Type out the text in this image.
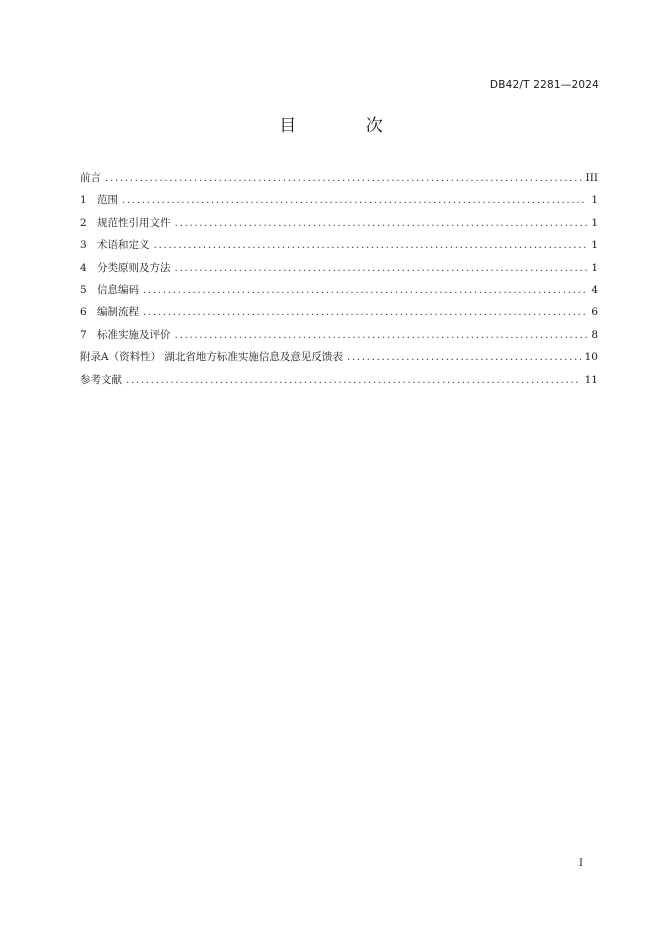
DB42/T 2281—2024
目 次
前言 .....	III
1 范围 .....	1
2 规范性引用文件 .....	1
3 术语和定义 .....	1
4 分类原则及方法 .....	1
5 信息编码 .....	4
6 编制流程 .....	6
7 标准实施及评价 .....	8
附录A（资料性） 湖北省地方标准实施信息及意见反馈表 .....	10
参考文献 .....	11
I
